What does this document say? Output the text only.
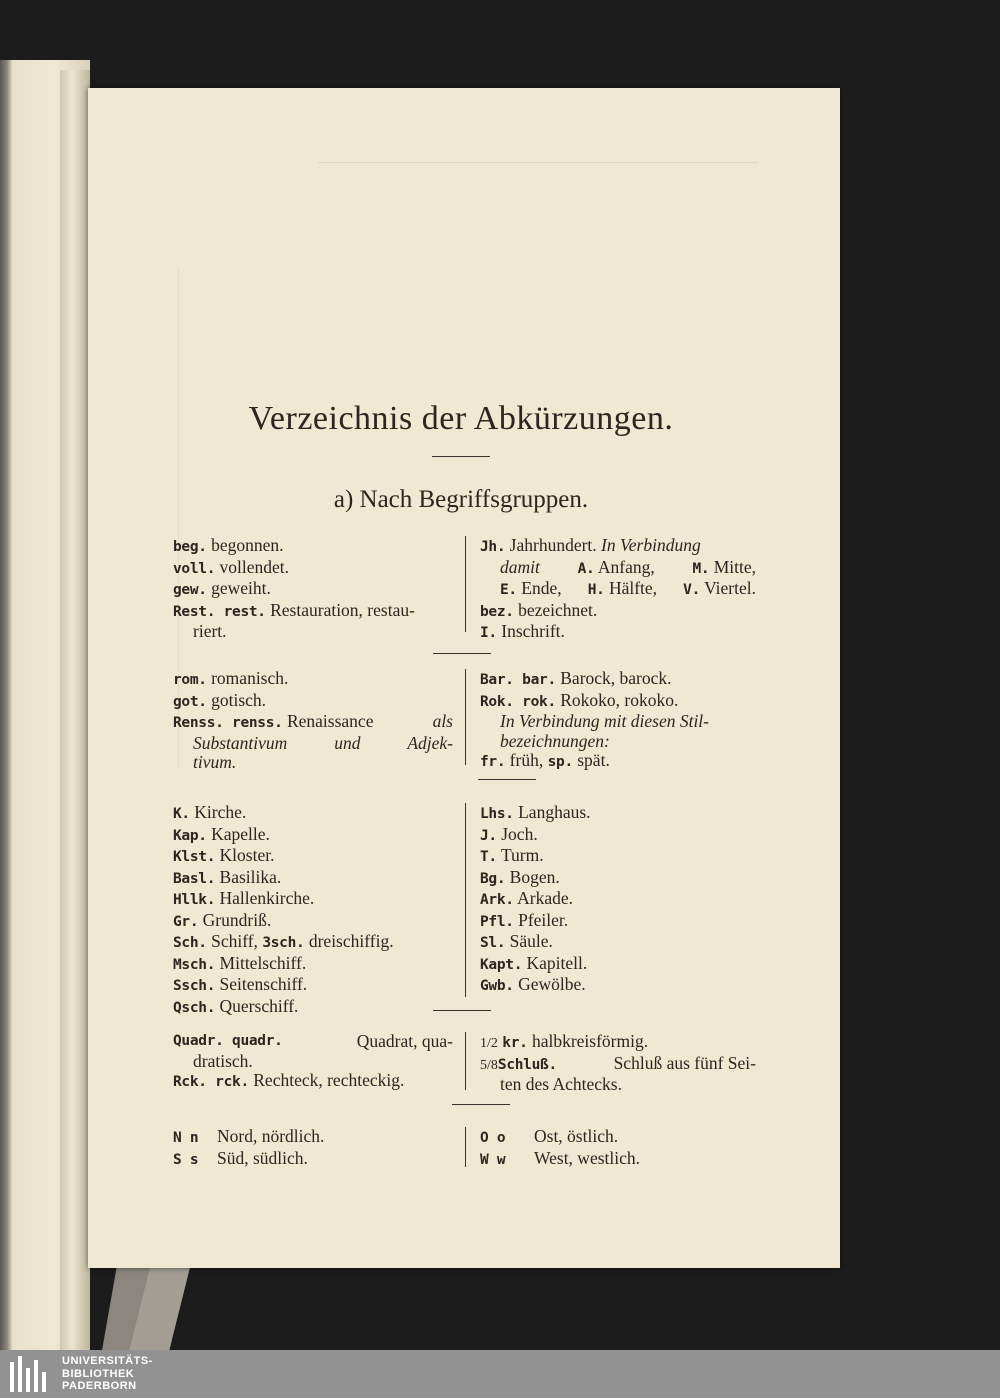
Verzeichnis der Abkürzungen.
a) Nach Begriffsgruppen.
beg. begonnen.
voll. vollendet.
gew. geweiht.
Rest. rest. Restauration, restau-
riert.
Jh. Jahrhundert. In Verbindung
damit	A. Anfang,	M. Mitte,
E. Ende, H. Hälfte, V. Viertel.
bez. bezeichnet.
I. Inschrift.
rom. romanisch.
got. gotisch.
Renss. renss. Renaissance	als
Substantivum	und	Adjek-
tivum.
Bar. bar. Barock, barock.
Rok. rok. Rokoko, rokoko.
In Verbindung mit diesen Stil-
bezeichnungen:
fr. früh, sp. spät.
K. Kirche.
Kap. Kapelle.
Klst. Kloster.
Basl. Basilika.
Hllk. Hallenkirche.
Gr. Grundriß.
Sch. Schiff, 3sch. dreischiffig.
Msch. Mittelschiff.
Ssch. Seitenschiff.
Qsch. Querschiff.
Lhs. Langhaus.
J. Joch.
T. Turm.
Bg. Bogen.
Ark. Arkade.
Pfl. Pfeiler.
Sl. Säule.
Kapt. Kapitell.
Gwb. Gewölbe.
Quadr. quadr.	Quadrat, qua-
dratisch.
Rck. rck. Rechteck, rechteckig.
1/2 kr. halbkreisförmig.
5/8Schluß.	Schluß aus fünf Sei-
ten des Achtecks.
N n Nord, nördlich.
S s Süd, südlich.
O o Ost, östlich.
W w West, westlich.
UNIVERSITÄTS-
BIBLIOTHEK
PADERBORN
